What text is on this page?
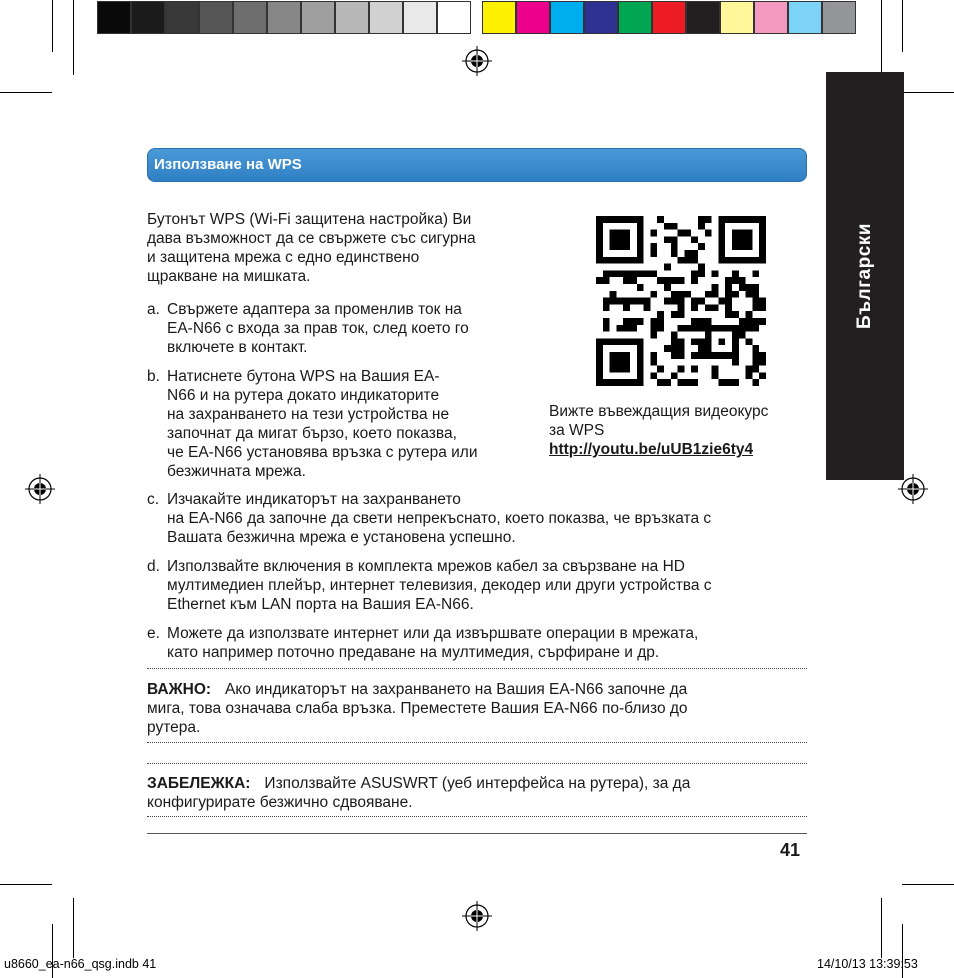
Български
Използване на WPS
Бутонът WPS (Wi-Fi защитена настройка) Ви
дава възможност да се свържете със сигурна
и защитена мрежа с едно единствено
щракване на мишката.
Вижте въвеждащия видеокурс
за WPS
http://youtu.be/uUB1zie6ty4
a. Свържете адаптера за променлив ток на
EA-N66 с входа за прав ток, след което го
включете в контакт.
b. Натиснете бутона WPS на Вашия EA-
N66 и на рутера докато индикаторите
на захранването на тези устройства не
започнат да мигат бързо, което показва,
че EA-N66 установява връзка с рутера или
безжичната мрежа.
c. Изчакайте индикаторът на захранването
на EA-N66 да започне да свети непрекъснато, което показва, че връзката с
Вашата безжична мрежа е установена успешно.
d. Използвайте включения в комплекта мрежов кабел за свързване на HD
мултимедиен плейър, интернет телевизия, декодер или други устройства с
Ethernet към LAN порта на Вашия EA-N66.
e. Можете да използвате интернет или да извършвате операции в мрежата,
като например поточно предаване на мултимедия, сърфиране и др.
ВАЖНО: Ако индикаторът на захранването на Вашия EA-N66 започне да
мига, това означава слаба връзка. Преместете Вашия EA-N66 по-близо до
рутера.
ЗАБЕЛЕЖКА: Използвайте ASUSWRT (уеб интерфейса на рутера), за да
конфигурирате безжично сдвояване.
41
u8660_ea-n66_qsg.indb 41	14/10/13 13:39:53
